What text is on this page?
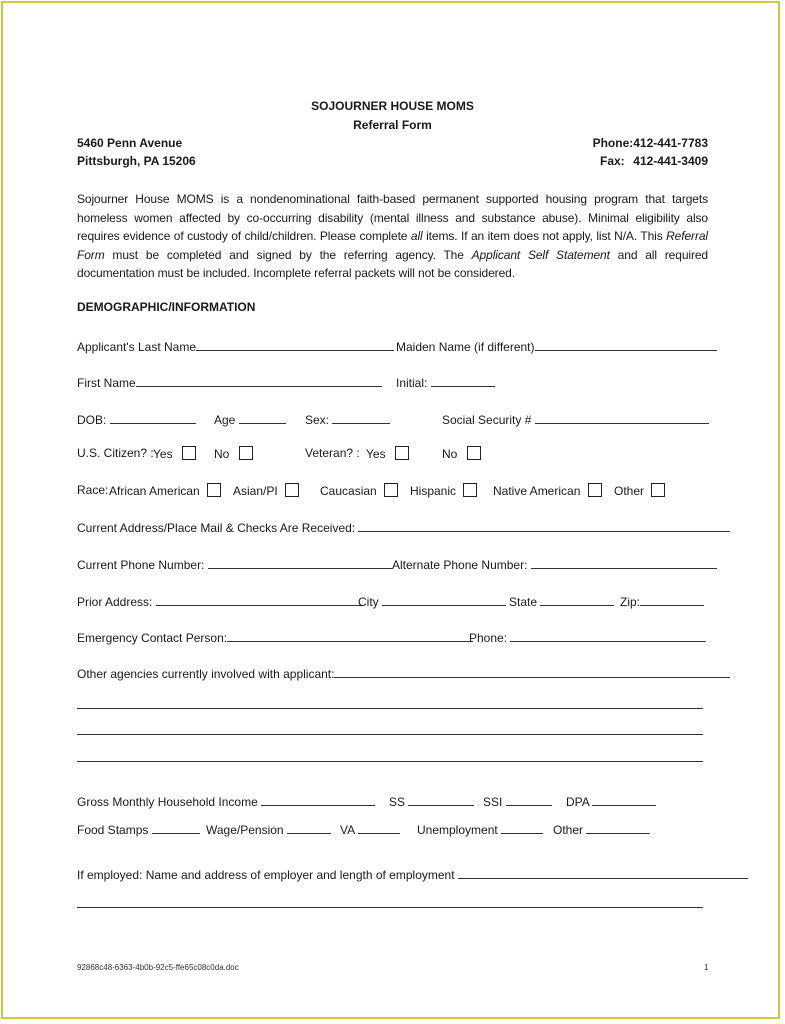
SOJOURNER HOUSE MOMS
Referral Form
5460 Penn Avenue
Pittsburgh, PA 15206
Phone:412-441-7783
Fax: 412-441-3409
Sojourner House MOMS is a nondenominational faith-based permanent supported housing program that targets homeless women affected by co-occurring disability (mental illness and substance abuse). Minimal eligibility also requires evidence of custody of child/children. Please complete all items. If an item does not apply, list N/A. This Referral Form must be completed and signed by the referring agency. The Applicant Self Statement and all required documentation must be included. Incomplete referral packets will not be considered.
DEMOGRAPHIC/INFORMATION
Applicant's Last Name	Maiden Name (if different)
First Name	Initial:
DOB:	Age	Sex:	Social Security #
U.S. Citizen? : Yes	No	Veteran? : Yes	No
Race: African American	Asian/PI	Caucasian	Hispanic	Native American	Other
Current Address/Place Mail & Checks Are Received:
Current Phone Number:	Alternate Phone Number:
Prior Address:	City	State	Zip:
Emergency Contact Person:	Phone:
Other agencies currently involved with applicant:
Gross Monthly Household Income	SS	SSI	DPA
Food Stamps	Wage/Pension	VA	Unemployment	Other
If employed: Name and address of employer and length of employment
92868c48-6363-4b0b-92c5-ffe65c08c0da.doc	1
